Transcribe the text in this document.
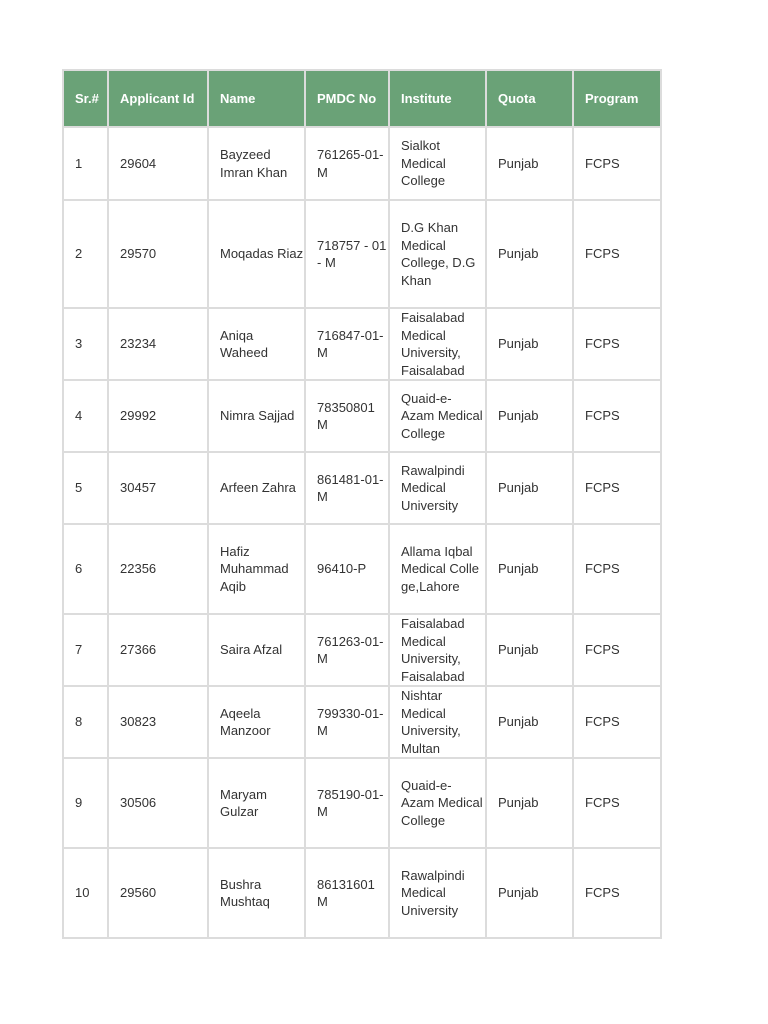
Sr.#	Applicant Id	Name	PMDC No	Institute	Quota	Program
1	29604	Bayzeed Imran Khan	761265-01-M	Sialkot Medical College	Punjab	FCPS
2	29570	Moqadas Riaz	718757 - 01 - M	D.G Khan Medical College, D.G Khan	Punjab	FCPS
3	23234	Aniqa Waheed	716847-01-M	Faisalabad Medical University, Faisalabad	Punjab	FCPS
4	29992	Nimra Sajjad	78350801 M	Quaid-e-Azam Medical College	Punjab	FCPS
5	30457	Arfeen Zahra	861481-01-M	Rawalpindi Medical University	Punjab	FCPS
6	22356	Hafiz Muhammad Aqib	96410-P	Allama Iqbal Medical College,Lahore	Punjab	FCPS
7	27366	Saira Afzal	761263-01-M	Faisalabad Medical University, Faisalabad	Punjab	FCPS
8	30823	Aqeela Manzoor	799330-01-M	Nishtar Medical University, Multan	Punjab	FCPS
9	30506	Maryam Gulzar	785190-01-M	Quaid-e-Azam Medical College	Punjab	FCPS
10	29560	Bushra Mushtaq	86131601 M	Rawalpindi Medical University	Punjab	FCPS
